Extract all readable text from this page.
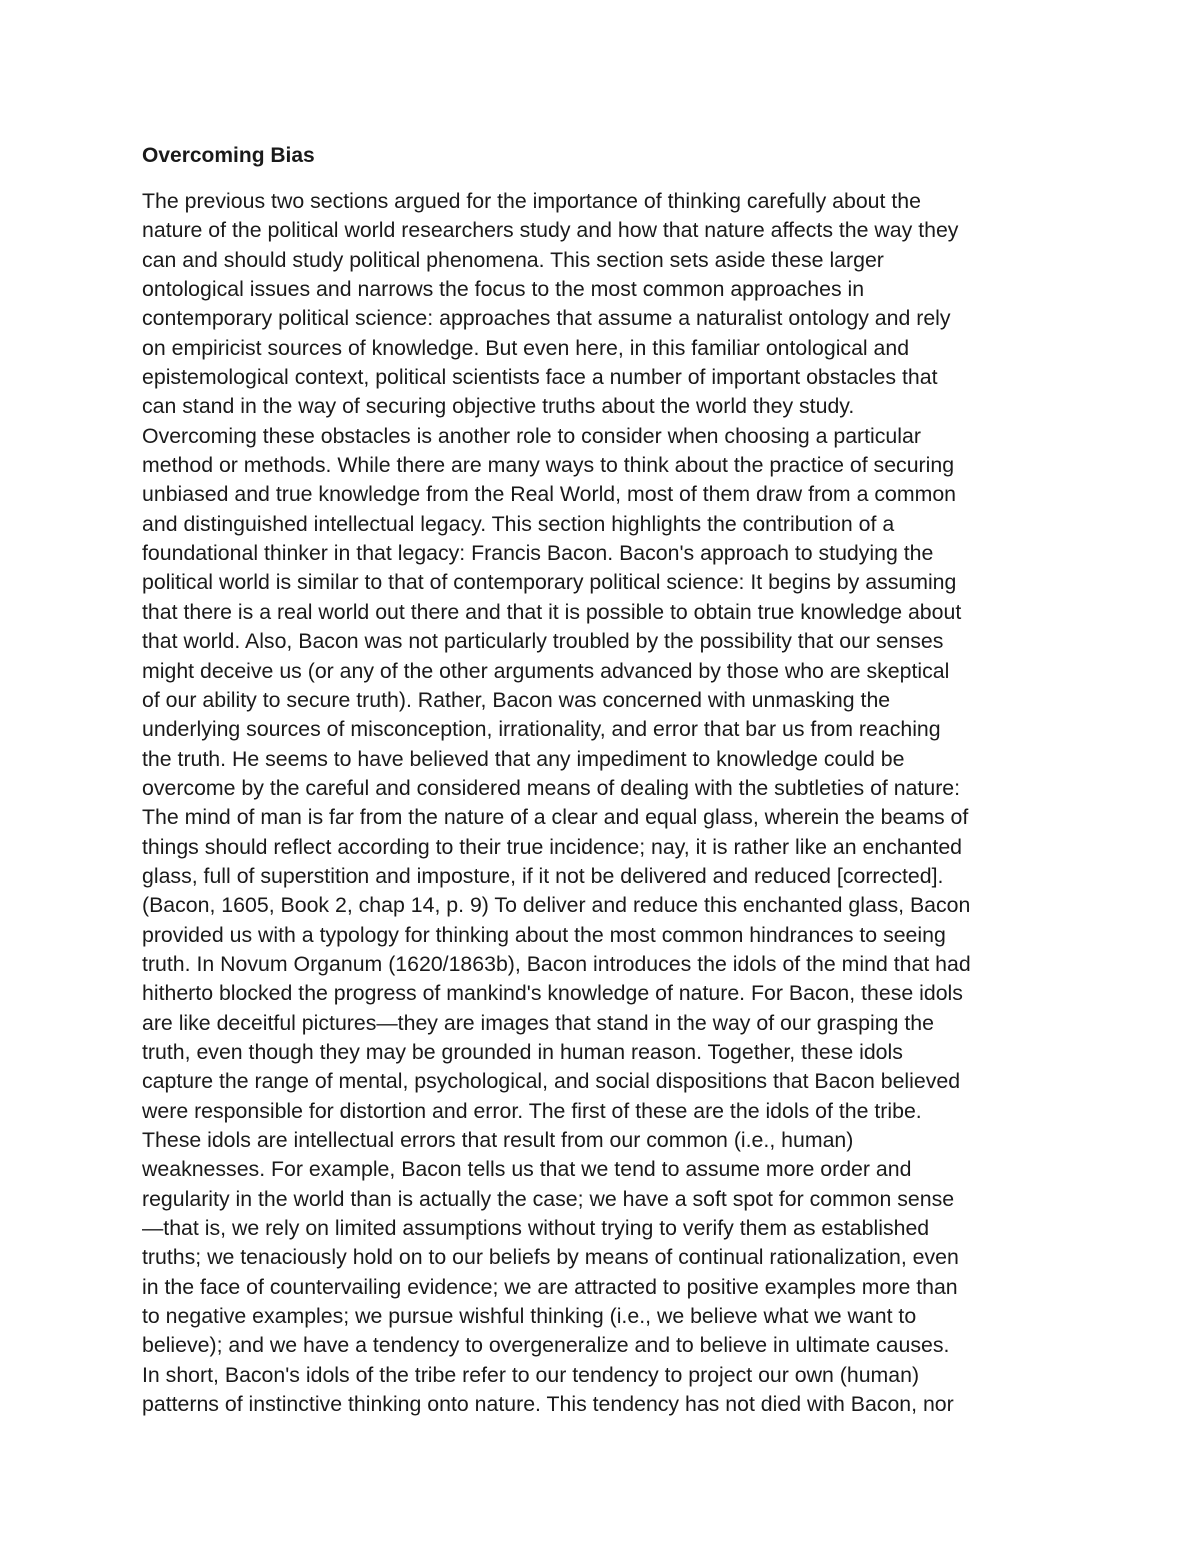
Overcoming Bias
The previous two sections argued for the importance of thinking carefully about the
nature of the political world researchers study and how that nature affects the way they
can and should study political phenomena. This section sets aside these larger
ontological issues and narrows the focus to the most common approaches in
contemporary political science: approaches that assume a naturalist ontology and rely
on empiricist sources of knowledge. But even here, in this familiar ontological and
epistemological context, political scientists face a number of important obstacles that
can stand in the way of securing objective truths about the world they study.
Overcoming these obstacles is another role to consider when choosing a particular
method or methods. While there are many ways to think about the practice of securing
unbiased and true knowledge from the Real World, most of them draw from a common
and distinguished intellectual legacy. This section highlights the contribution of a
foundational thinker in that legacy: Francis Bacon. Bacon's approach to studying the
political world is similar to that of contemporary political science: It begins by assuming
that there is a real world out there and that it is possible to obtain true knowledge about
that world. Also, Bacon was not particularly troubled by the possibility that our senses
might deceive us (or any of the other arguments advanced by those who are skeptical
of our ability to secure truth). Rather, Bacon was concerned with unmasking the
underlying sources of misconception, irrationality, and error that bar us from reaching
the truth. He seems to have believed that any impediment to knowledge could be
overcome by the careful and considered means of dealing with the subtleties of nature:
The mind of man is far from the nature of a clear and equal glass, wherein the beams of
things should reflect according to their true incidence; nay, it is rather like an enchanted
glass, full of superstition and imposture, if it not be delivered and reduced [corrected].
(Bacon, 1605, Book 2, chap 14, p. 9) To deliver and reduce this enchanted glass, Bacon
provided us with a typology for thinking about the most common hindrances to seeing
truth. In Novum Organum (1620/1863b), Bacon introduces the idols of the mind that had
hitherto blocked the progress of mankind's knowledge of nature. For Bacon, these idols
are like deceitful pictures—they are images that stand in the way of our grasping the
truth, even though they may be grounded in human reason. Together, these idols
capture the range of mental, psychological, and social dispositions that Bacon believed
were responsible for distortion and error. The first of these are the idols of the tribe.
These idols are intellectual errors that result from our common (i.e., human)
weaknesses. For example, Bacon tells us that we tend to assume more order and
regularity in the world than is actually the case; we have a soft spot for common sense
—that is, we rely on limited assumptions without trying to verify them as established
truths; we tenaciously hold on to our beliefs by means of continual rationalization, even
in the face of countervailing evidence; we are attracted to positive examples more than
to negative examples; we pursue wishful thinking (i.e., we believe what we want to
believe); and we have a tendency to overgeneralize and to believe in ultimate causes.
In short, Bacon's idols of the tribe refer to our tendency to project our own (human)
patterns of instinctive thinking onto nature. This tendency has not died with Bacon, nor
